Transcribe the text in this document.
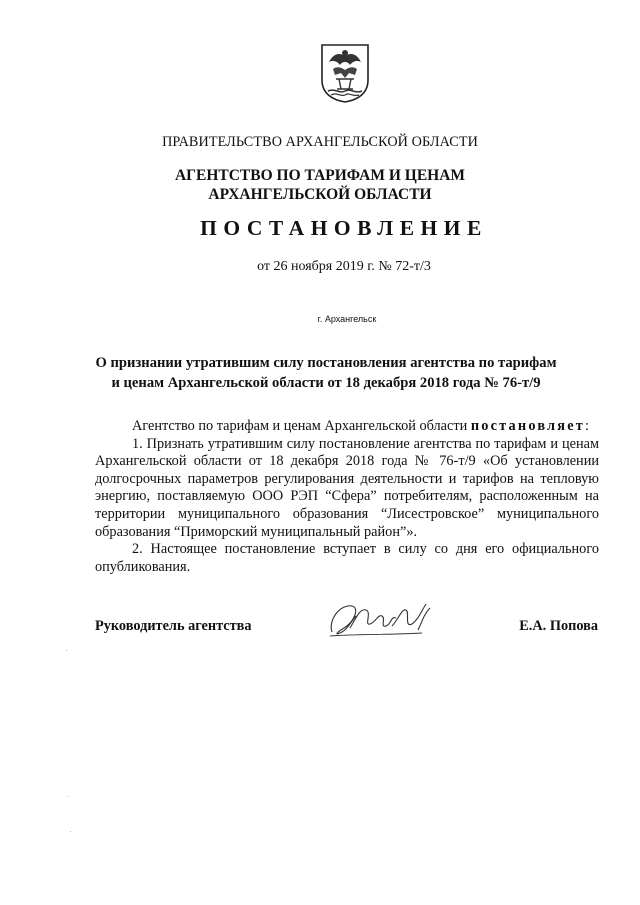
ПРАВИТЕЛЬСТВО АРХАНГЕЛЬСКОЙ ОБЛАСТИ
АГЕНТСТВО ПО ТАРИФАМ И ЦЕНАМ
АРХАНГЕЛЬСКОЙ ОБЛАСТИ
ПОСТАНОВЛЕНИЕ
от 26 ноября 2019 г. № 72-т/3
г. Архангельск
О признании утратившим силу постановления агентства по тарифам
и ценам Архангельской области от 18 декабря 2018 года № 76-т/9

Агентство по тарифам и ценам Архангельской области постановляет:

1. Признать утратившим силу постановление агентства по тарифам и ценам Архангельской области от 18 декабря 2018 года № 76-т/9 «Об установлении долгосрочных параметров регулирования деятельности и тарифов на тепловую энергию, поставляемую ООО РЭП “Сфера” потребителям, расположенным на территории муниципального образования “Лисестровское” муниципального образования “Приморский муниципальный район”».

2. Настоящее постановление вступает в силу со дня его официального опубликования.

Руководитель агентства	Е.А. Попова
